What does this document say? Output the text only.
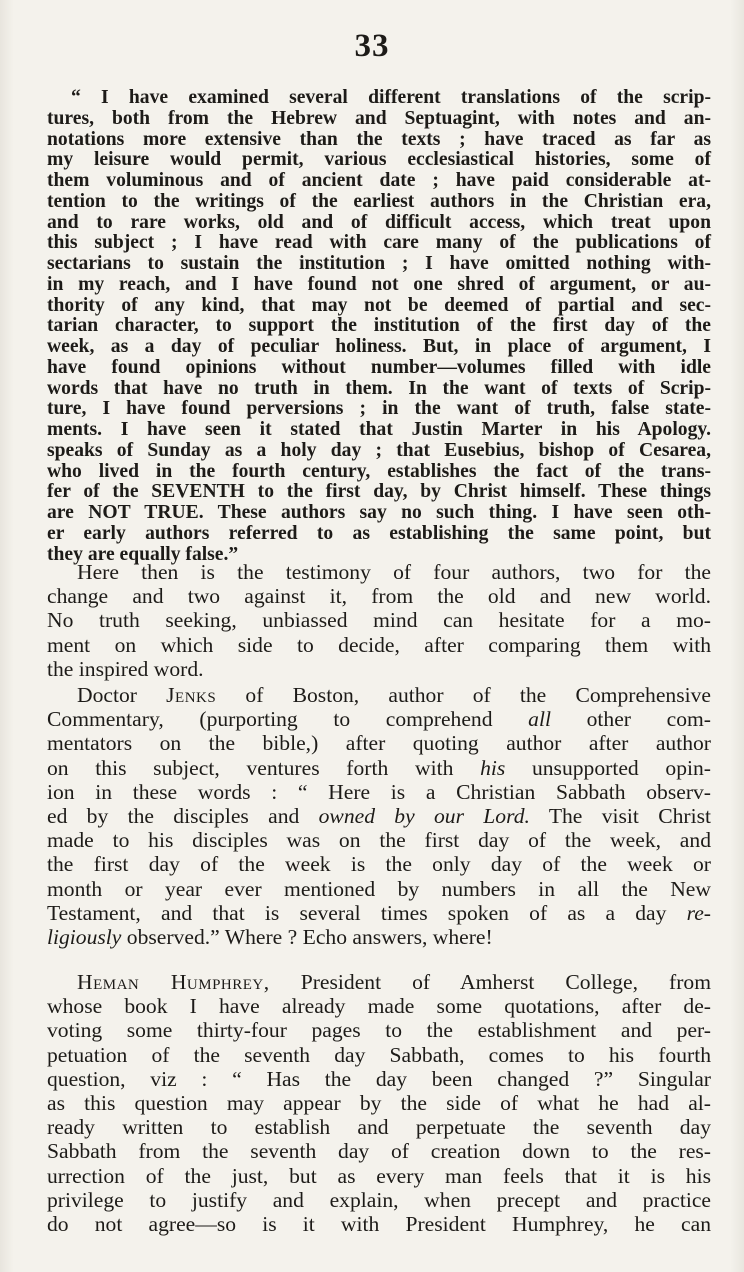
33
“ I have examined several different translations of the scrip-
tures, both from the Hebrew and Septuagint, with notes and an-
notations more extensive than the texts ; have traced as far as
my leisure would permit, various ecclesiastical histories, some of
them voluminous and of ancient date ; have paid considerable at-
tention to the writings of the earliest authors in the Christian era,
and to rare works, old and of difficult access, which treat upon
this subject ; I have read with care many of the publications of
sectarians to sustain the institution ; I have omitted nothing with-
in my reach, and I have found not one shred of argument, or au-
thority of any kind, that may not be deemed of partial and sec-
tarian character, to support the institution of the first day of the
week, as a day of peculiar holiness. But, in place of argument, I
have found opinions without number—volumes filled with idle
words that have no truth in them. In the want of texts of Scrip-
ture, I have found perversions ; in the want of truth, false state-
ments. I have seen it stated that Justin Marter in his Apology.
speaks of Sunday as a holy day ; that Eusebius, bishop of Cesarea,
who lived in the fourth century, establishes the fact of the trans-
fer of the SEVENTH to the first day, by Christ himself. These things
are NOT TRUE. These authors say no such thing. I have seen oth-
er early authors referred to as establishing the same point, but
they are equally false.”
Here then is the testimony of four authors, two for the
change and two against it, from the old and new world.
No truth seeking, unbiassed mind can hesitate for a mo-
ment on which side to decide, after comparing them with
the inspired word.
Doctor Jenks of Boston, author of the Comprehensive
Commentary, (purporting to comprehend all other com-
mentators on the bible,) after quoting author after author
on this subject, ventures forth with his unsupported opin-
ion in these words : “ Here is a Christian Sabbath observ-
ed by the disciples and owned by our Lord. The visit Christ
made to his disciples was on the first day of the week, and
the first day of the week is the only day of the week or
month or year ever mentioned by numbers in all the New
Testament, and that is several times spoken of as a day re-
ligiously observed.” Where ? Echo answers, where!
Heman Humphrey, President of Amherst College, from
whose book I have already made some quotations, after de-
voting some thirty-four pages to the establishment and per-
petuation of the seventh day Sabbath, comes to his fourth
question, viz : “ Has the day been changed ?” Singular
as this question may appear by the side of what he had al-
ready written to establish and perpetuate the seventh day
Sabbath from the seventh day of creation down to the res-
urrection of the just, but as every man feels that it is his
privilege to justify and explain, when precept and practice
do not agree—so is it with President Humphrey, he can
